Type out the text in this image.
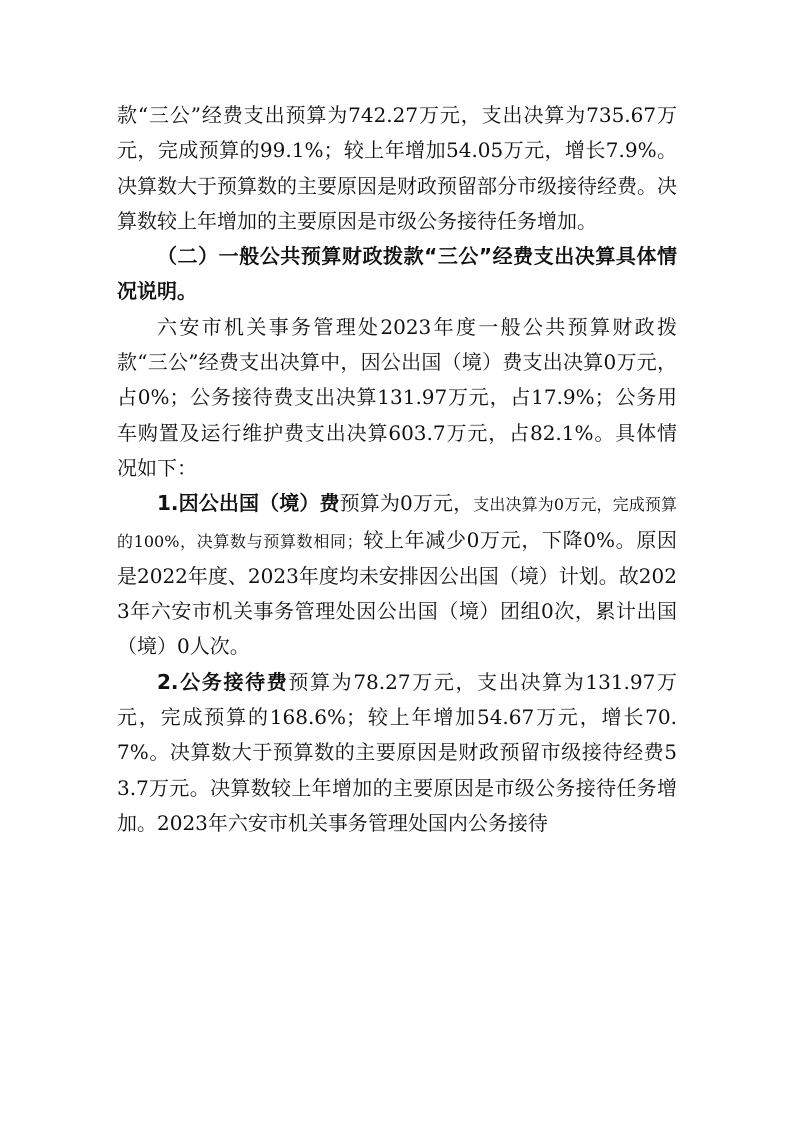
款“三公”经费支出预算为742.27万元，支出决算为735.67万元，完成预算的99.1%；较上年增加54.05万元，增长7.9%。决算数大于预算数的主要原因是财政预留部分市级接待经费。决算数较上年增加的主要原因是市级公务接待任务增加。

（二）一般公共预算财政拨款“三公”经费支出决算具体情况说明。

六安市机关事务管理处2023年度一般公共预算财政拨款“三公”经费支出决算中，因公出国（境）费支出决算0万元，占0%；公务接待费支出决算131.97万元，占17.9%；公务用车购置及运行维护费支出决算603.7万元，占82.1%。具体情况如下：

1.因公出国（境）费预算为0万元，支出决算为0万元，完成预算的100%，决算数与预算数相同；较上年减少0万元，下降0%。原因是2022年度、2023年度均未安排因公出国（境）计划。故2023年六安市机关事务管理处因公出国（境）团组0次，累计出国（境）0人次。

2.公务接待费预算为78.27万元，支出决算为131.97万元，完成预算的168.6%；较上年增加54.67万元，增长70.7%。决算数大于预算数的主要原因是财政预留市级接待经费53.7万元。决算数较上年增加的主要原因是市级公务接待任务增加。2023年六安市机关事务管理处国内公务接待
